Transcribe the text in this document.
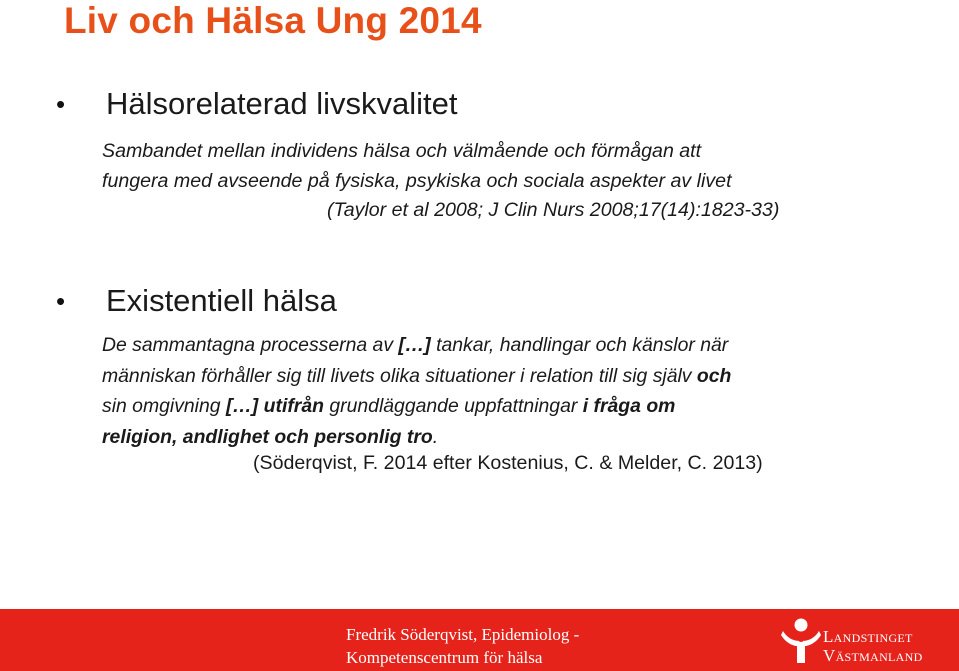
Liv och Hälsa Ung 2014
•	Hälsorelaterad livskvalitet

Sambandet mellan individens hälsa och välmående och förmågan att
fungera med avseende på fysiska, psykiska och sociala aspekter av livet
(Taylor et al 2008; J Clin Nurs 2008;17(14):1823-33)

•	Existentiell hälsa

De sammantagna processerna av […] tankar, handlingar och känslor när
människan förhåller sig till livets olika situationer i relation till sig själv och
sin omgivning […] utifrån grundläggande uppfattningar i fråga om
religion, andlighet och personlig tro.

(Söderqvist, F. 2014 efter Kostenius, C. & Melder, C. 2013)
Fredrik Söderqvist, Epidemiolog -
Kompetenscentrum för hälsa
Landstinget
Västmanland
